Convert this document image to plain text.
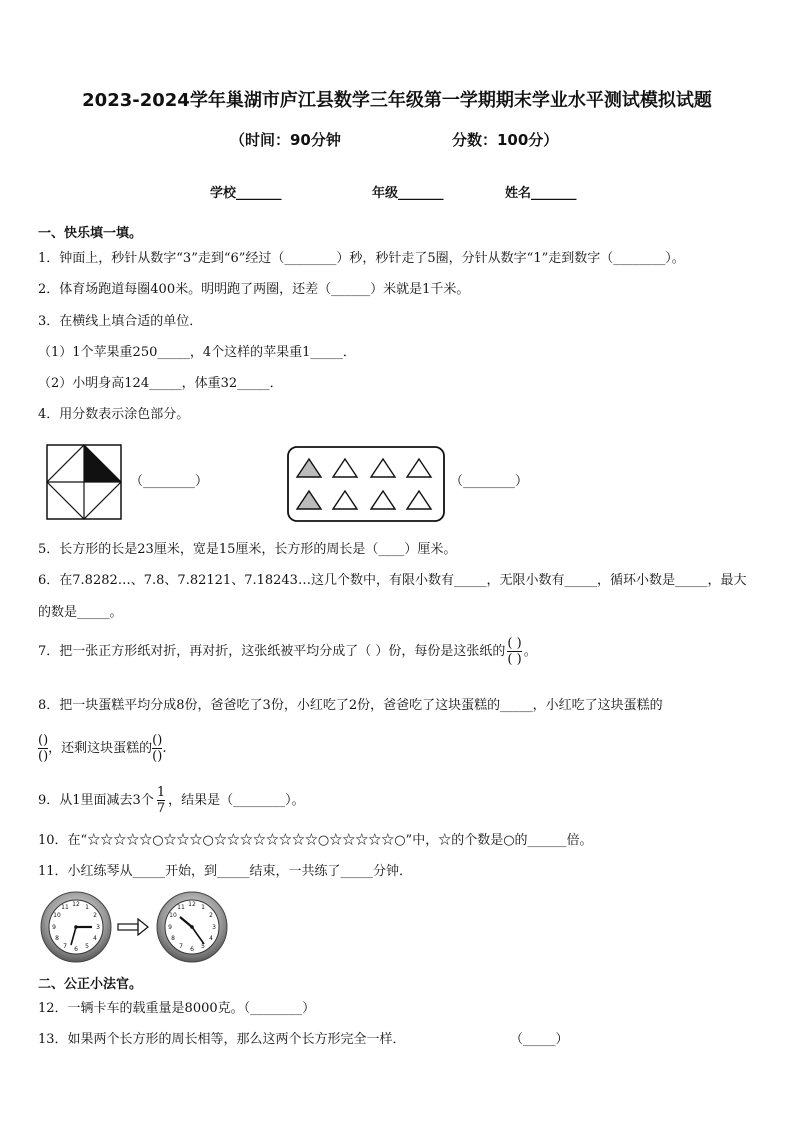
2023-2024学年巢湖市庐江县数学三年级第一学期期末学业水平测试模拟试题
（时间：90分钟	分数：100分）
学校_______	年级_______	姓名_______
一、快乐填一填。
1．钟面上，秒针从数字“3”走到“6”经过（________）秒，秒针走了5圈，分针从数字“1”走到数字（________）。
2．体育场跑道每圈400米。明明跑了两圈，还差（______）米就是1千米。
3．在横线上填合适的单位．
（1）1个苹果重250_____，4个这样的苹果重1_____．
（2）小明身高124_____，体重32_____．
4．用分数表示涂色部分。
（________）	（________）
5．长方形的长是23厘米，宽是15厘米，长方形的周长是（____）厘米。
6．在7.8282…、7.8、7.82121、7.18243…这几个数中，有限小数有_____，无限小数有_____，循环小数是_____，最大
的数是_____。
7．把一张正方形纸对折，再对折，这张纸被平均分成了（ ）份，每份是这张纸的 $\frac{( )}{( )}$ 。
8．把一块蛋糕平均分成8份，爸爸吃了3份，小红吃了2份，爸爸吃了这块蛋糕的_____，小红吃了这块蛋糕的
$\frac{()}{()}$ ，还剩这块蛋糕的 $\frac{()}{()}$ .
9．从1里面减去3个 $\frac{1}{7}$ ，结果是（________）。
10．在“☆☆☆☆☆○☆☆☆○☆☆☆☆☆☆☆☆○☆☆☆☆☆○”中，☆的个数是○的______倍。
11．小红练琴从_____开始，到_____结束，一共练了_____分钟．
12 1
2
3
4
5
6
7
8
9
10
11	12 1
2
3
4
5
6
7
8
9
10
11
二、公正小法官。
12．一辆卡车的载重量是8000克。（________）
13．如果两个长方形的周长相等，那么这两个长方形完全一样．	（_____）
